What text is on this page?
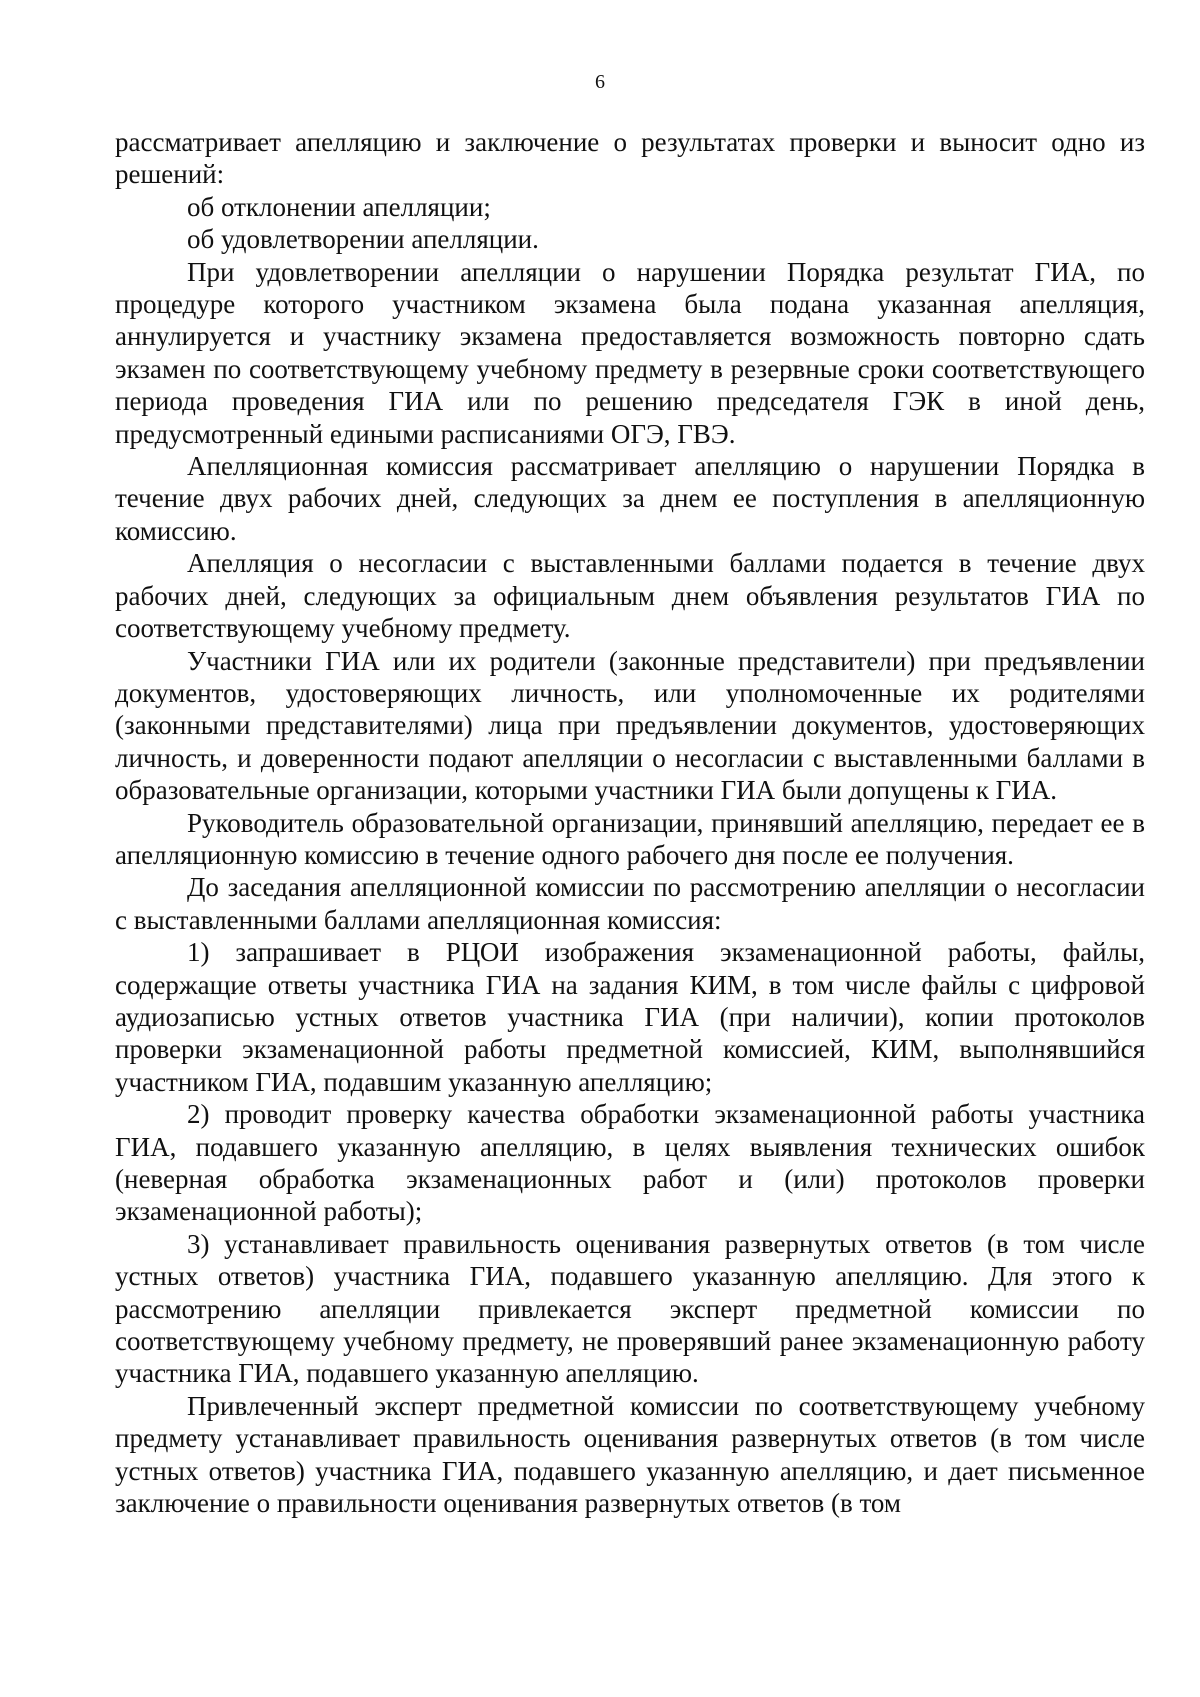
6

рассматривает апелляцию и заключение о результатах проверки и выносит одно из решений:

об отклонении апелляции;

об удовлетворении апелляции.

При удовлетворении апелляции о нарушении Порядка результат ГИА, по процедуре которого участником экзамена была подана указанная апелляция, аннулируется и участнику экзамена предоставляется возможность повторно сдать экзамен по соответствующему учебному предмету в резервные сроки соответствующего периода проведения ГИА или по решению председателя ГЭК в иной день, предусмотренный едиными расписаниями ОГЭ, ГВЭ.

Апелляционная комиссия рассматривает апелляцию о нарушении Порядка в течение двух рабочих дней, следующих за днем ее поступления в апелляционную комиссию.

Апелляция о несогласии с выставленными баллами подается в течение двух рабочих дней, следующих за официальным днем объявления результатов ГИА по соответствующему учебному предмету.

Участники ГИА или их родители (законные представители) при предъявлении документов, удостоверяющих личность, или уполномоченные их родителями (законными представителями) лица при предъявлении документов, удостоверяющих личность, и доверенности подают апелляции о несогласии с выставленными баллами в образовательные организации, которыми участники ГИА были допущены к ГИА.

Руководитель образовательной организации, принявший апелляцию, передает ее в апелляционную комиссию в течение одного рабочего дня после ее получения.

До заседания апелляционной комиссии по рассмотрению апелляции о несогласии с выставленными баллами апелляционная комиссия:

1) запрашивает в РЦОИ изображения экзаменационной работы, файлы, содержащие ответы участника ГИА на задания КИМ, в том числе файлы с цифровой аудиозаписью устных ответов участника ГИА (при наличии), копии протоколов проверки экзаменационной работы предметной комиссией, КИМ, выполнявшийся участником ГИА, подавшим указанную апелляцию;

2) проводит проверку качества обработки экзаменационной работы участника ГИА, подавшего указанную апелляцию, в целях выявления технических ошибок (неверная обработка экзаменационных работ и (или) протоколов проверки экзаменационной работы);

3) устанавливает правильность оценивания развернутых ответов (в том числе устных ответов) участника ГИА, подавшего указанную апелляцию. Для этого к рассмотрению апелляции привлекается эксперт предметной комиссии по соответствующему учебному предмету, не проверявший ранее экзаменационную работу участника ГИА, подавшего указанную апелляцию.

Привлеченный эксперт предметной комиссии по соответствующему учебному предмету устанавливает правильность оценивания развернутых ответов (в том числе устных ответов) участника ГИА, подавшего указанную апелляцию, и дает письменное заключение о правильности оценивания развернутых ответов (в том
